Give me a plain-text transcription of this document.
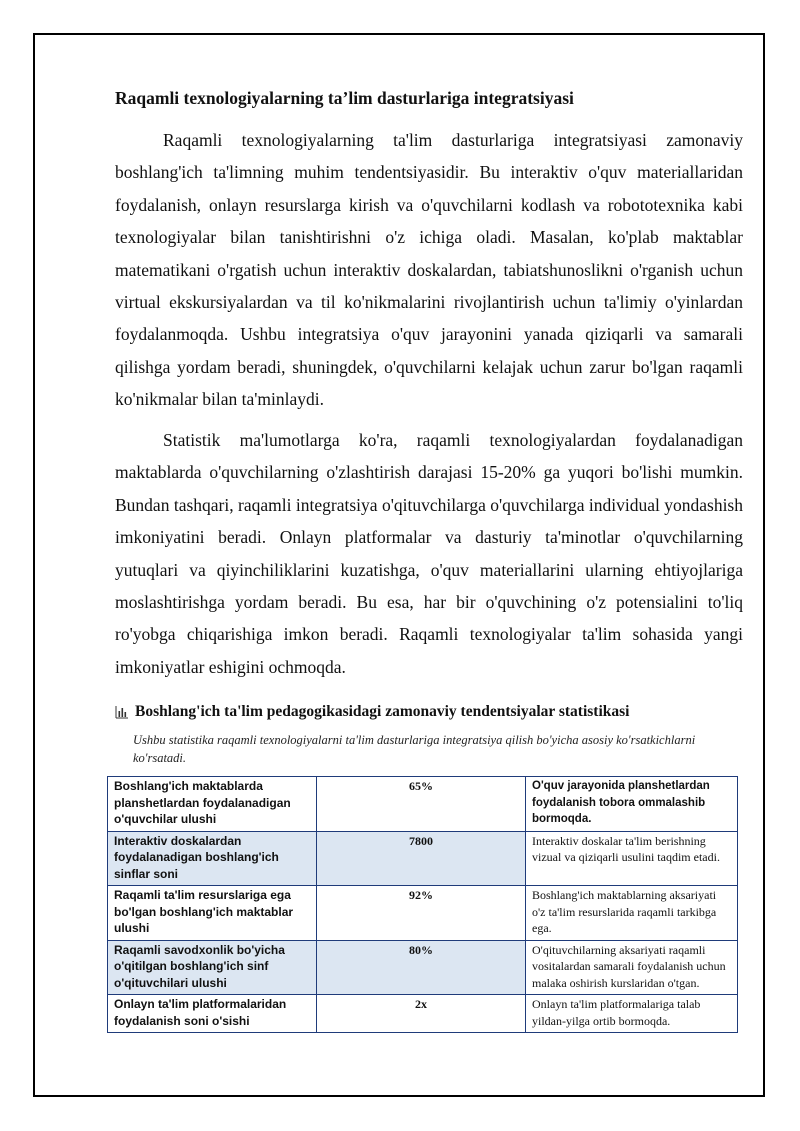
Raqamli texnologiyalarning ta’lim dasturlariga integratsiyasi

Raqamli texnologiyalarning ta'lim dasturlariga integratsiyasi zamonaviy boshlang'ich ta'limning muhim tendentsiyasidir. Bu interaktiv o'quv materiallaridan foydalanish, onlayn resurslarga kirish va o'quvchilarni kodlash va robototexnika kabi texnologiyalar bilan tanishtirishni o'z ichiga oladi. Masalan, ko'plab maktablar matematikani o'rgatish uchun interaktiv doskalardan, tabiatshunoslikni o'rganish uchun virtual ekskursiyalardan va til ko'nikmalarini rivojlantirish uchun ta'limiy o'yinlardan foydalanmoqda. Ushbu integratsiya o'quv jarayonini yanada qiziqarli va samarali qilishga yordam beradi, shuningdek, o'quvchilarni kelajak uchun zarur bo'lgan raqamli ko'nikmalar bilan ta'minlaydi.

Statistik ma'lumotlarga ko'ra, raqamli texnologiyalardan foydalanadigan maktablarda o'quvchilarning o'zlashtirish darajasi 15-20% ga yuqori bo'lishi mumkin. Bundan tashqari, raqamli integratsiya o'qituvchilarga o'quvchilarga individual yondashish imkoniyatini beradi. Onlayn platformalar va dasturiy ta'minotlar o'quvchilarning yutuqlari va qiyinchiliklarini kuzatishga, o'quv materiallarini ularning ehtiyojlariga moslashtirishga yordam beradi. Bu esa, har bir o'quvchining o'z potensialini to'liq ro'yobga chiqarishiga imkon beradi. Raqamli texnologiyalar ta'lim sohasida yangi imkoniyatlar eshigini ochmoqda.

Boshlang'ich ta'lim pedagogikasidagi zamonaviy tendentsiyalar statistikasi
Ushbu statistika raqamli texnologiyalarni ta'lim dasturlariga integratsiya qilish bo'yicha asosiy ko'rsatkichlarni ko'rsatadi.
Boshlang'ich maktablarda planshetlardan foydalanadigan o'quvchilar ulushi	65%	O'quv jarayonida planshetlardan foydalanish tobora ommalashib bormoqda.
Interaktiv doskalardan foydalanadigan boshlang'ich sinflar soni	7800	Interaktiv doskalar ta'lim berishning vizual va qiziqarli usulini taqdim etadi.
Raqamli ta'lim resurslariga ega bo'lgan boshlang'ich maktablar ulushi	92%	Boshlang'ich maktablarning aksariyati o'z ta'lim resurslarida raqamli tarkibga ega.
Raqamli savodxonlik bo'yicha o'qitilgan boshlang'ich sinf o'qituvchilari ulushi	80%	O'qituvchilarning aksariyati raqamli vositalardan samarali foydalanish uchun malaka oshirish kurslaridan o'tgan.
Onlayn ta'lim platformalaridan foydalanish soni o'sishi	2x	Onlayn ta'lim platformalariga talab yildan-yilga ortib bormoqda.
